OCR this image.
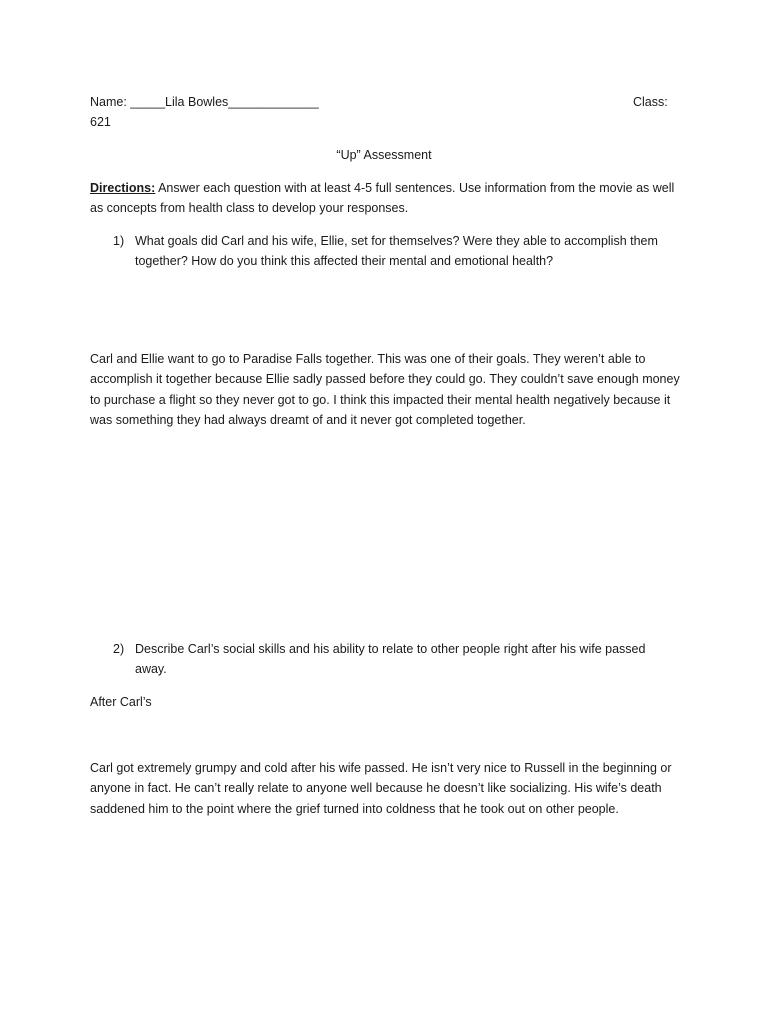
Name: _____Lila Bowles_____________	Class:
621
“Up” Assessment
Directions: Answer each question with at least 4-5 full sentences. Use information from the movie as well as concepts from health class to develop your responses.
1) What goals did Carl and his wife, Ellie, set for themselves? Were they able to accomplish them together? How do you think this affected their mental and emotional health?
Carl and Ellie want to go to Paradise Falls together. This was one of their goals. They weren’t able to accomplish it together because Ellie sadly passed before they could go. They couldn’t save enough money to purchase a flight so they never got to go. I think this impacted their mental health negatively because it was something they had always dreamt of and it never got completed together.
2) Describe Carl’s social skills and his ability to relate to other people right after his wife passed away.
After Carl’s
Carl got extremely grumpy and cold after his wife passed. He isn’t very nice to Russell in the beginning or anyone in fact. He can’t really relate to anyone well because he doesn’t like socializing. His wife’s death saddened him to the point where the grief turned into coldness that he took out on other people.
